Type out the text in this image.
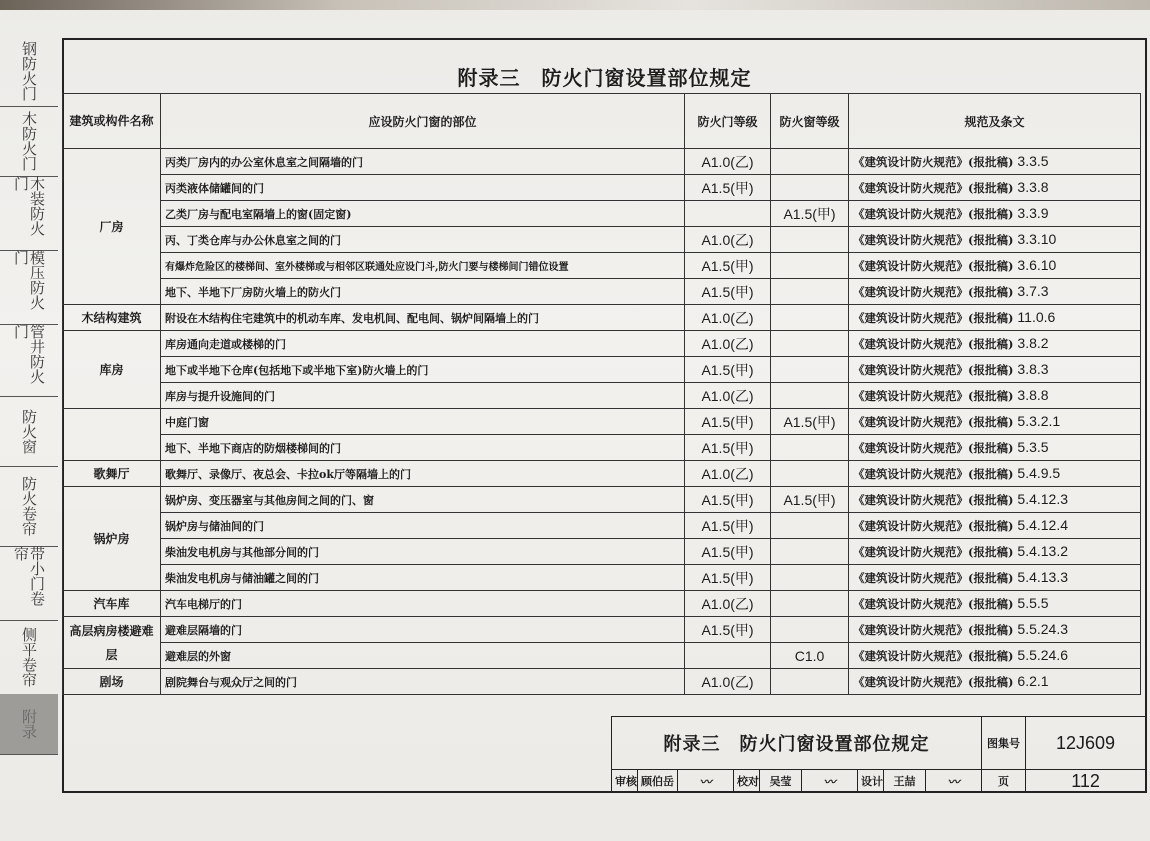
钢防火门
木防火门
木装防火门
模压防火门
管井防火门
防火窗
防火卷帘
带小门卷帘
侧平卷帘
附录
附录三　防火门窗设置部位规定
建筑或构件名称	应设防火门窗的部位	防火门等级	防火窗等级	规范及条文
厂房	丙类厂房内的办公室休息室之间隔墙的门	A1.0(乙)		《建筑设计防火规范》(报批稿) 3.3.5
	丙类液体储罐间的门	A1.5(甲)		《建筑设计防火规范》(报批稿) 3.3.8
	乙类厂房与配电室隔墙上的窗(固定窗)		A1.5(甲)	《建筑设计防火规范》(报批稿) 3.3.9
	丙、丁类仓库与办公休息室之间的门	A1.0(乙)		《建筑设计防火规范》(报批稿) 3.3.10
	有爆炸危险区的楼梯间、室外楼梯或与相邻区联通处应设门斗,防火门要与楼梯间门错位设置	A1.5(甲)		《建筑设计防火规范》(报批稿) 3.6.10
	地下、半地下厂房防火墙上的防火门	A1.5(甲)		《建筑设计防火规范》(报批稿) 3.7.3
木结构建筑	附设在木结构住宅建筑中的机动车库、发电机间、配电间、锅炉间隔墙上的门	A1.0(乙)		《建筑设计防火规范》(报批稿) 11.0.6
库房	库房通向走道或楼梯的门	A1.0(乙)		《建筑设计防火规范》(报批稿) 3.8.2
	地下或半地下仓库(包括地下或半地下室)防火墙上的门	A1.5(甲)		《建筑设计防火规范》(报批稿) 3.8.3
	库房与提升设施间的门	A1.0(乙)		《建筑设计防火规范》(报批稿) 3.8.8
	中庭门窗	A1.5(甲)	A1.5(甲)	《建筑设计防火规范》(报批稿) 5.3.2.1
	地下、半地下商店的防烟楼梯间的门	A1.5(甲)		《建筑设计防火规范》(报批稿) 5.3.5
歌舞厅	歌舞厅、录像厅、夜总会、卡拉ok厅等隔墙上的门	A1.0(乙)		《建筑设计防火规范》(报批稿) 5.4.9.5
锅炉房	锅炉房、变压器室与其他房间之间的门、窗	A1.5(甲)	A1.5(甲)	《建筑设计防火规范》(报批稿) 5.4.12.3
	锅炉房与储油间的门	A1.5(甲)		《建筑设计防火规范》(报批稿) 5.4.12.4
	柴油发电机房与其他部分间的门	A1.5(甲)		《建筑设计防火规范》(报批稿) 5.4.13.2
	柴油发电机房与储油罐之间的门	A1.5(甲)		《建筑设计防火规范》(报批稿) 5.4.13.3
汽车库	汽车电梯厅的门	A1.0(乙)		《建筑设计防火规范》(报批稿) 5.5.5
高层病房楼避难层	避难层隔墙的门	A1.5(甲)		《建筑设计防火规范》(报批稿) 5.5.24.3
	避难层的外窗		C1.0	《建筑设计防火规范》(报批稿) 5.5.24.6
剧场	剧院舞台与观众厅之间的门	A1.0(乙)		《建筑设计防火规范》(报批稿) 6.2.1
附录三　防火门窗设置部位规定									图集号	12J609
审核	顾伯岳	〰	校对	吴莹	〰	设计	王喆	〰	页	112
